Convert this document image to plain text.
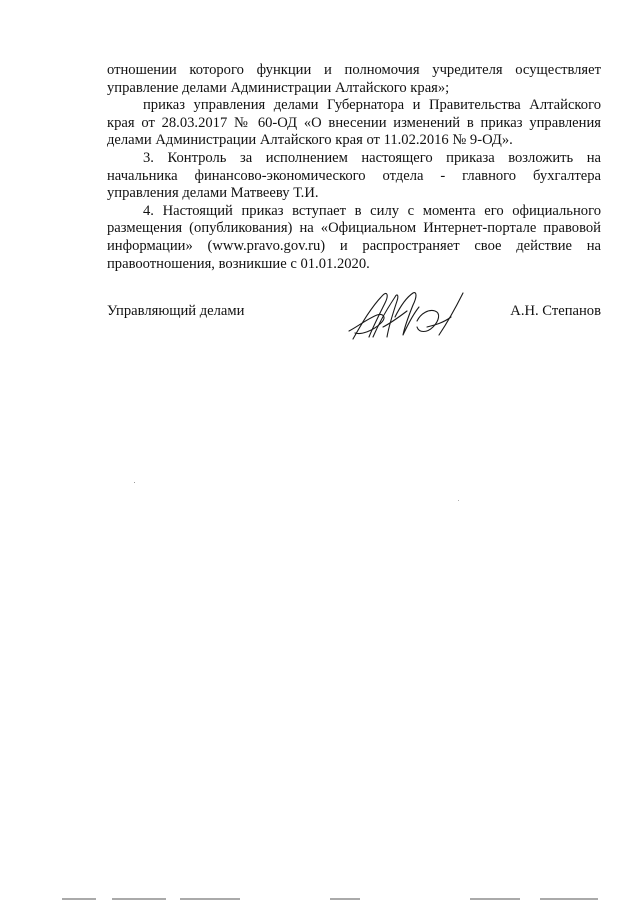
отношении которого функции и полномочия учредителя осуществляет управление делами Администрации Алтайского края»;

приказ управления делами Губернатора и Правительства Алтайского края от 28.03.2017 № 60-ОД «О внесении изменений в приказ управления делами Администрации Алтайского края от 11.02.2016 № 9-ОД».

3. Контроль за исполнением настоящего приказа возложить на начальника финансово-экономического отдела - главного бухгалтера управления делами Матвееву Т.И.

4. Настоящий приказ вступает в силу с момента его официального размещения (опубликования) на «Официальном Интернет-портале правовой информации» (www.pravo.gov.ru) и распространяет свое действие на правоотношения, возникшие с 01.01.2020.

Управляющий делами	А.Н. Степанов
